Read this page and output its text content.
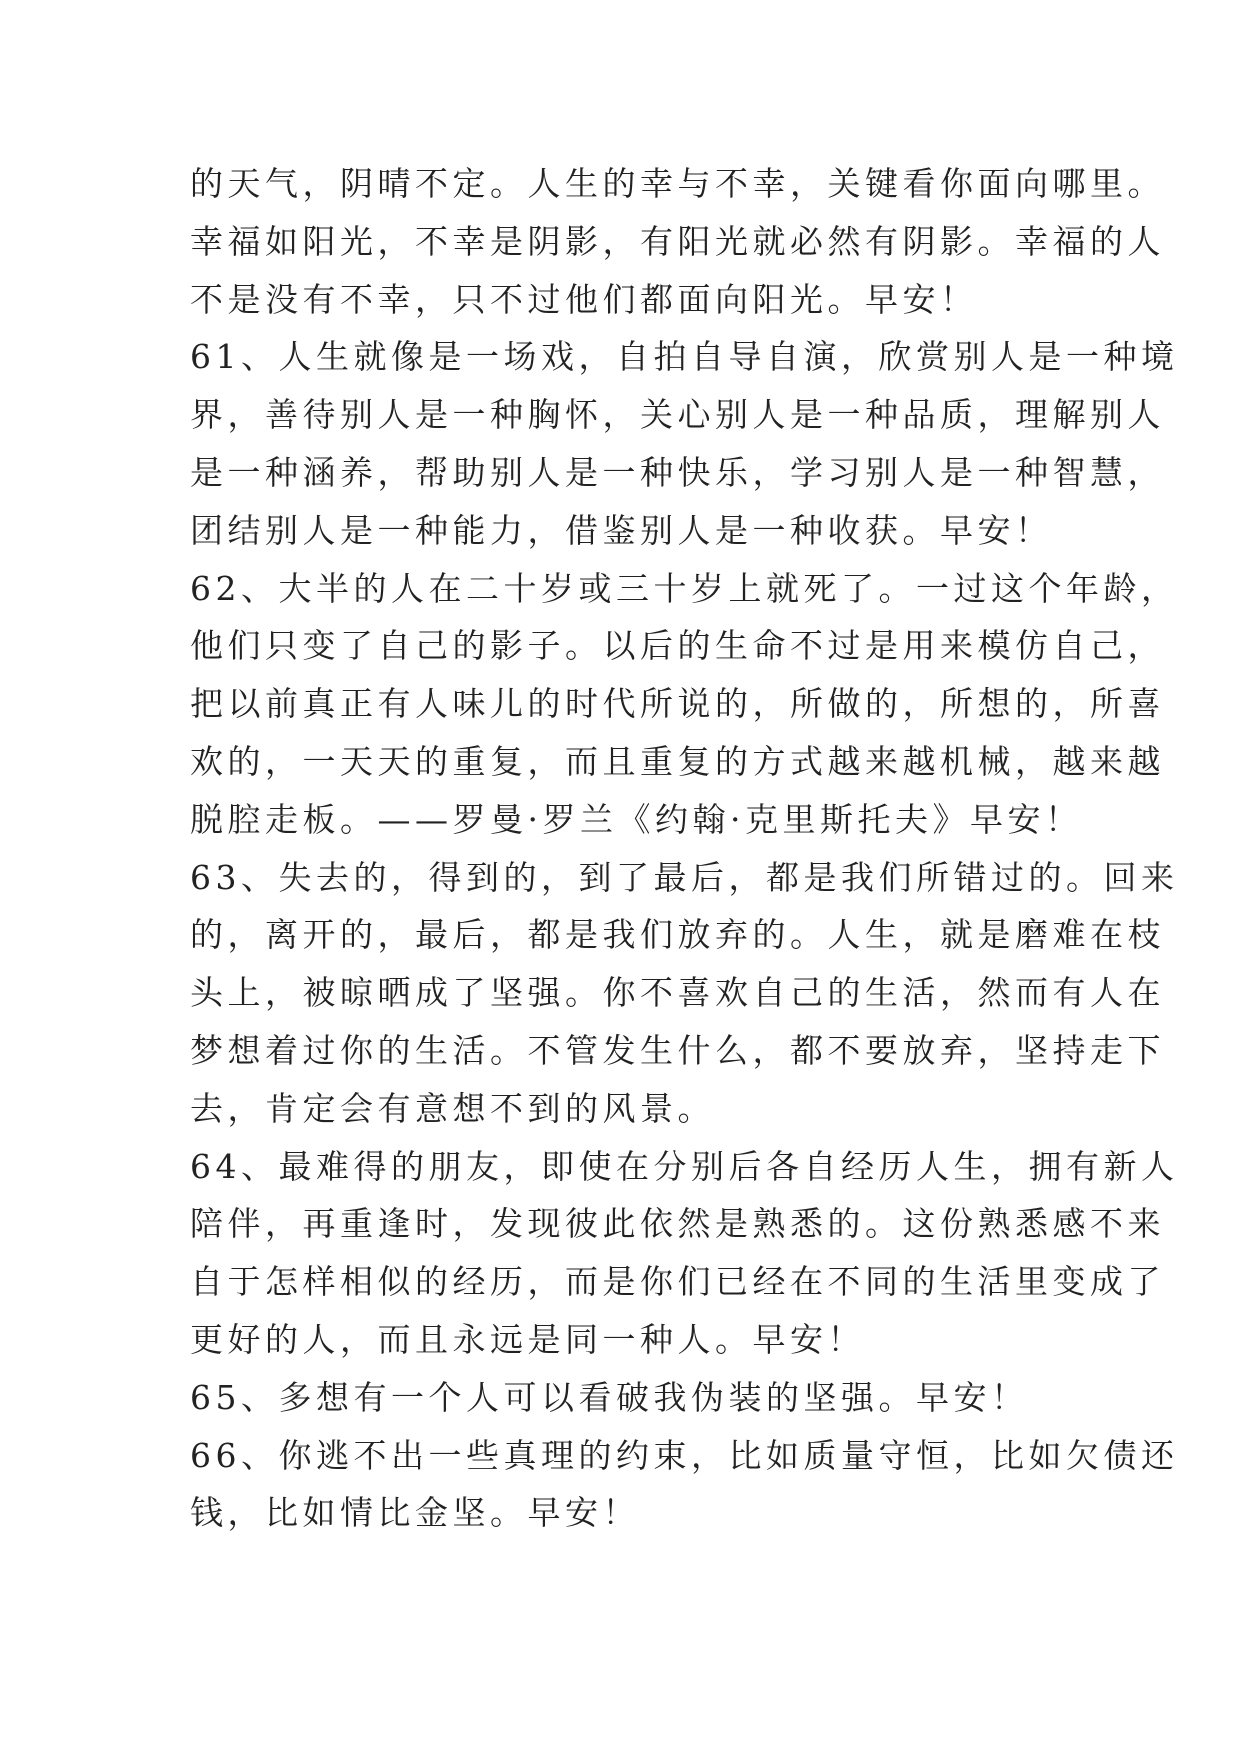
的天气，阴晴不定。人生的幸与不幸，关键看你面向哪里。
幸福如阳光，不幸是阴影，有阳光就必然有阴影。幸福的人
不是没有不幸，只不过他们都面向阳光。早安！
61、人生就像是一场戏，自拍自导自演，欣赏别人是一种境
界，善待别人是一种胸怀，关心别人是一种品质，理解别人
是一种涵养，帮助别人是一种快乐，学习别人是一种智慧，
团结别人是一种能力，借鉴别人是一种收获。早安！
62、大半的人在二十岁或三十岁上就死了。一过这个年龄，
他们只变了自己的影子。以后的生命不过是用来模仿自己，
把以前真正有人味儿的时代所说的，所做的，所想的，所喜
欢的，一天天的重复，而且重复的方式越来越机械，越来越
脱腔走板。——罗曼·罗兰《约翰·克里斯托夫》早安！
63、失去的，得到的，到了最后，都是我们所错过的。回来
的，离开的，最后，都是我们放弃的。人生，就是磨难在枝
头上，被晾晒成了坚强。你不喜欢自己的生活，然而有人在
梦想着过你的生活。不管发生什么，都不要放弃，坚持走下
去，肯定会有意想不到的风景。
64、最难得的朋友，即使在分别后各自经历人生，拥有新人
陪伴，再重逢时，发现彼此依然是熟悉的。这份熟悉感不来
自于怎样相似的经历，而是你们已经在不同的生活里变成了
更好的人，而且永远是同一种人。早安！
65、多想有一个人可以看破我伪装的坚强。早安！
66、你逃不出一些真理的约束，比如质量守恒，比如欠债还
钱，比如情比金坚。早安！
